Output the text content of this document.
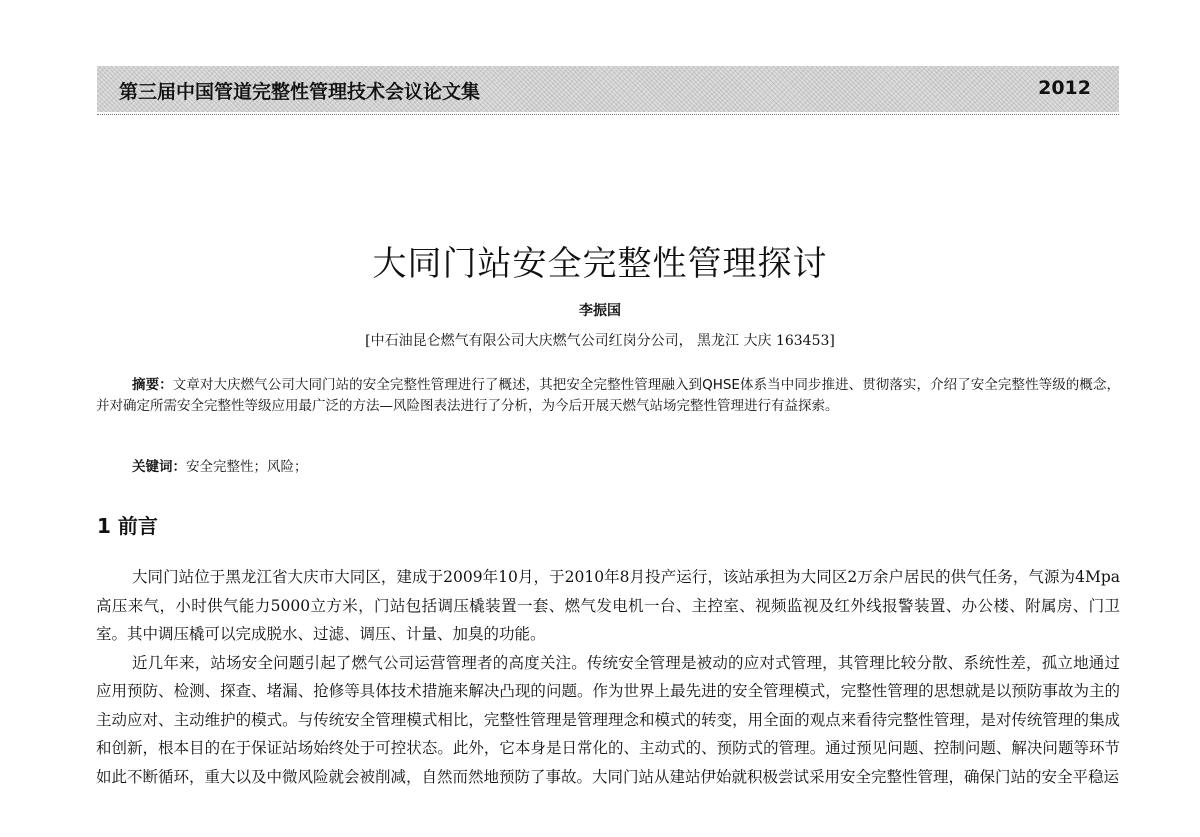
第三届中国管道完整性管理技术会议论文集	2012
大同门站安全完整性管理探讨
李振国
[中石油昆仑燃气有限公司大庆燃气公司红岗分公司， 黑龙江 大庆 163453]

摘要：文章对大庆燃气公司大同门站的安全完整性管理进行了概述，其把安全完整性管理融入到QHSE体系当中同步推进、贯彻落实，介绍了安全完整性等级的概念，并对确定所需安全完整性等级应用最广泛的方法—风险图表法进行了分析，为今后开展天燃气站场完整性管理进行有益探索。

关键词：安全完整性；风险；

1 前言

大同门站位于黑龙江省大庆市大同区，建成于2009年10月，于2010年8月投产运行，该站承担为大同区2万余户居民的供气任务，气源为4Mpa高压来气，小时供气能力5000立方米，门站包括调压橇装置一套、燃气发电机一台、主控室、视频监视及红外线报警装置、办公楼、附属房、门卫室。其中调压橇可以完成脱水、过滤、调压、计量、加臭的功能。

近几年来，站场安全问题引起了燃气公司运营管理者的高度关注。传统安全管理是被动的应对式管理，其管理比较分散、系统性差，孤立地通过应用预防、检测、探查、堵漏、抢修等具体技术措施来解决凸现的问题。作为世界上最先进的安全管理模式，完整性管理的思想就是以预防事故为主的主动应对、主动维护的模式。与传统安全管理模式相比，完整性管理是管理理念和模式的转变，用全面的观点来看待完整性管理，是对传统管理的集成和创新，根本目的在于保证站场始终处于可控状态。此外，它本身是日常化的、主动式的、预防式的管理。通过预见问题、控制问题、解决问题等环节如此不断循环，重大以及中微风险就会被削减，自然而然地预防了事故。大同门站从建站伊始就积极尝试采用安全完整性管理，确保门站的安全平稳运
